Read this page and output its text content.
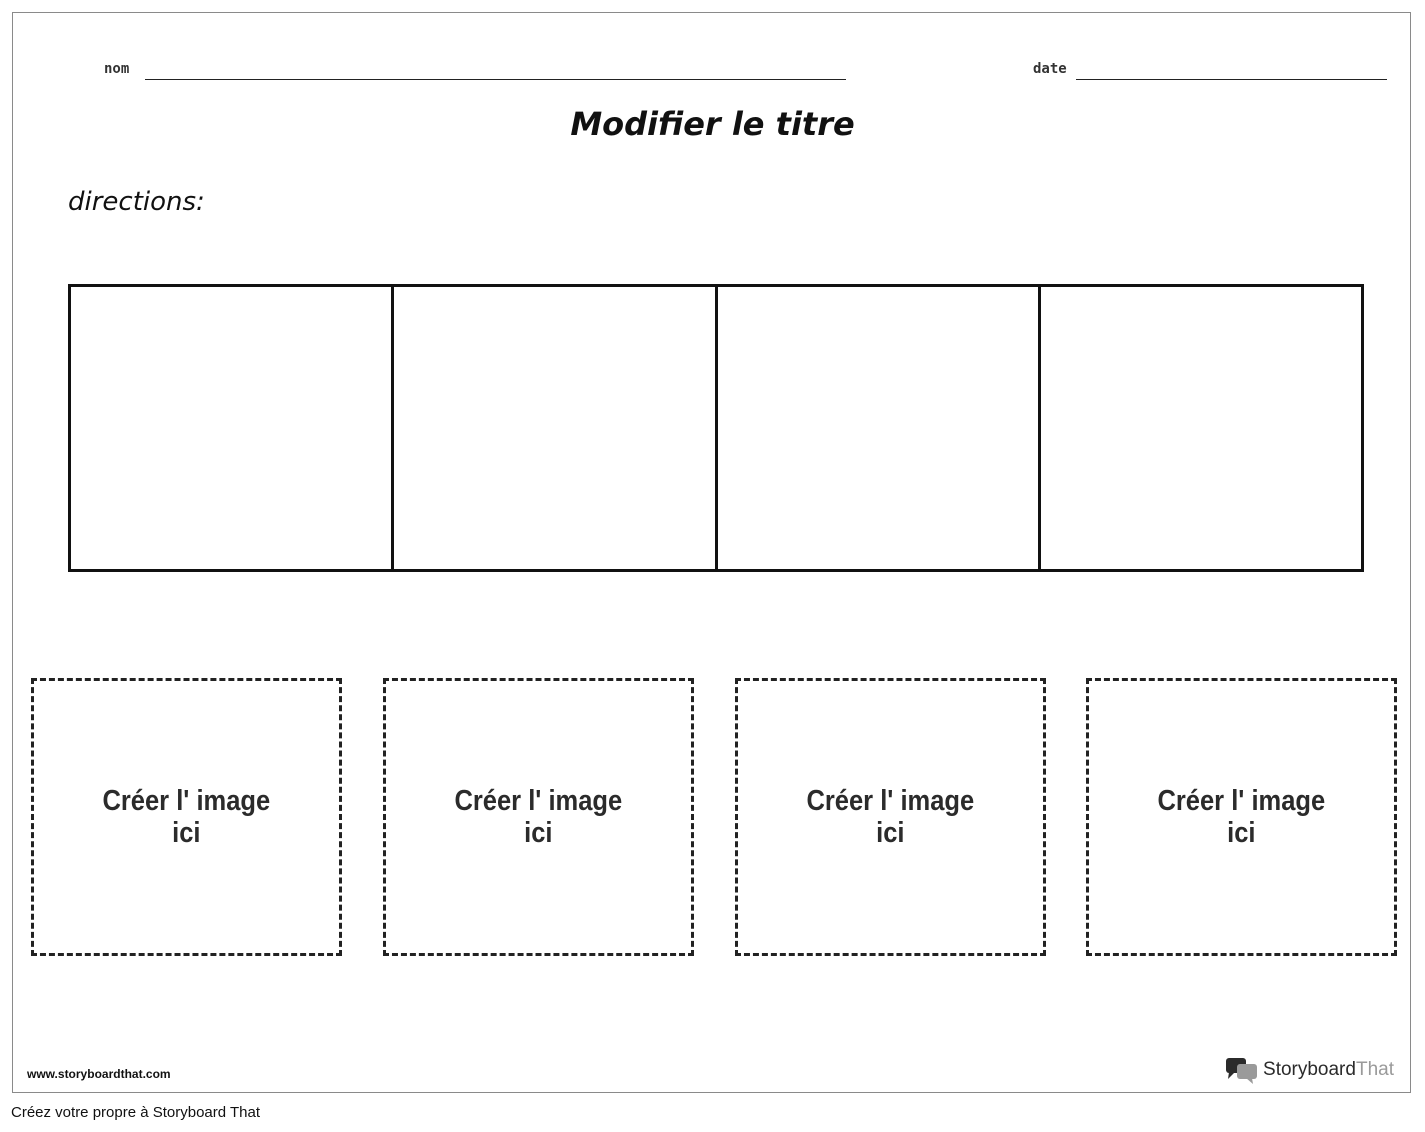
nom	date
Modifier le titre
directions:
Créer l' image
ici
Créer l' image
ici
Créer l' image
ici
Créer l' image
ici
www.storyboardthat.com	Storyboard That
Créez votre propre à Storyboard That
